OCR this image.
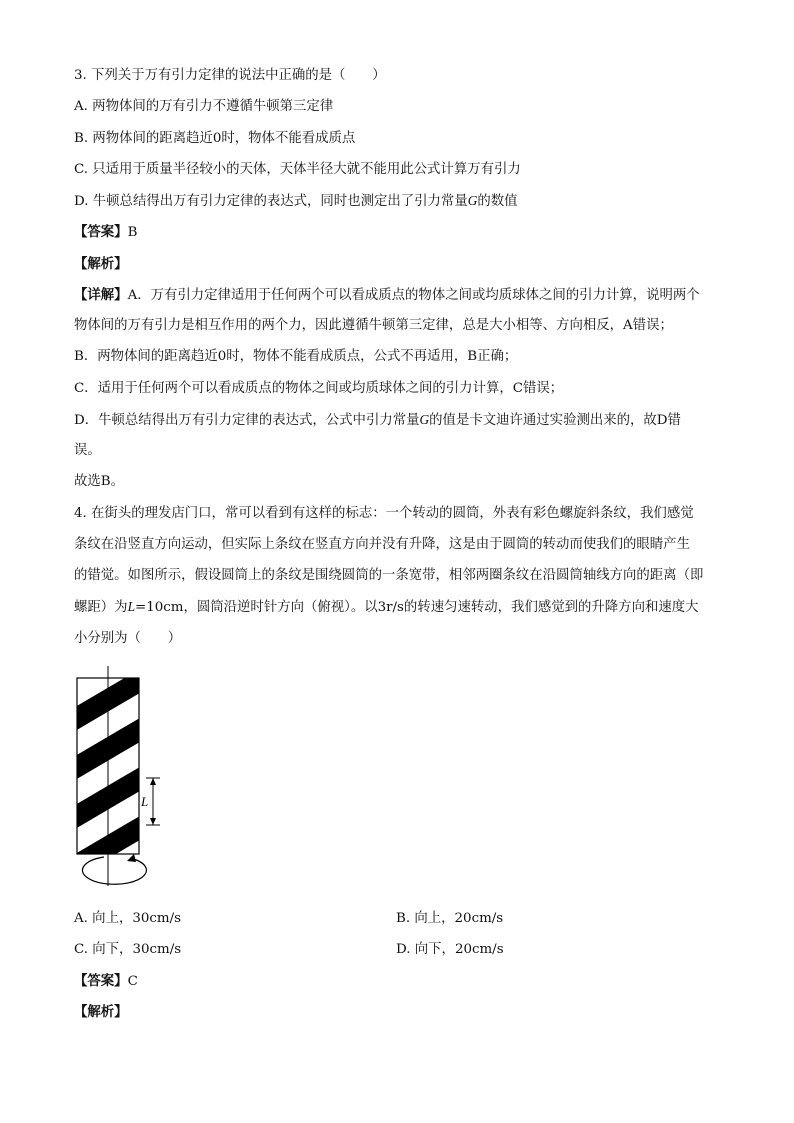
3. 下列关于万有引力定律的说法中正确的是（　　）
A. 两物体间的万有引力不遵循牛顿第三定律
B. 两物体间的距离趋近0时，物体不能看成质点
C. 只适用于质量半径较小的天体，天体半径大就不能用此公式计算万有引力
D. 牛顿总结得出万有引力定律的表达式，同时也测定出了引力常量G的数值
【答案】B
【解析】
【详解】A．万有引力定律适用于任何两个可以看成质点的物体之间或均质球体之间的引力计算，说明两个
物体间的万有引力是相互作用的两个力，因此遵循牛顿第三定律，总是大小相等、方向相反，A错误；
B．两物体间的距离趋近0时，物体不能看成质点，公式不再适用，B正确；
C．适用于任何两个可以看成质点的物体之间或均质球体之间的引力计算，C错误；
D．牛顿总结得出万有引力定律的表达式，公式中引力常量G的值是卡文迪许通过实验测出来的，故D错
误。
故选B。
4. 在街头的理发店门口，常可以看到有这样的标志：一个转动的圆筒，外表有彩色螺旋斜条纹，我们感觉
条纹在沿竖直方向运动，但实际上条纹在竖直方向并没有升降，这是由于圆筒的转动而使我们的眼睛产生
的错觉。如图所示，假设圆筒上的条纹是围绕圆筒的一条宽带，相邻两圈条纹在沿圆筒轴线方向的距离（即
螺距）为L=10cm，圆筒沿逆时针方向（俯视）。以3r/s的转速匀速转动，我们感觉到的升降方向和速度大
小分别为（　　）
L
A. 向上，30cm/s	B. 向上，20cm/s
C. 向下，30cm/s	D. 向下，20cm/s
【答案】C
【解析】
